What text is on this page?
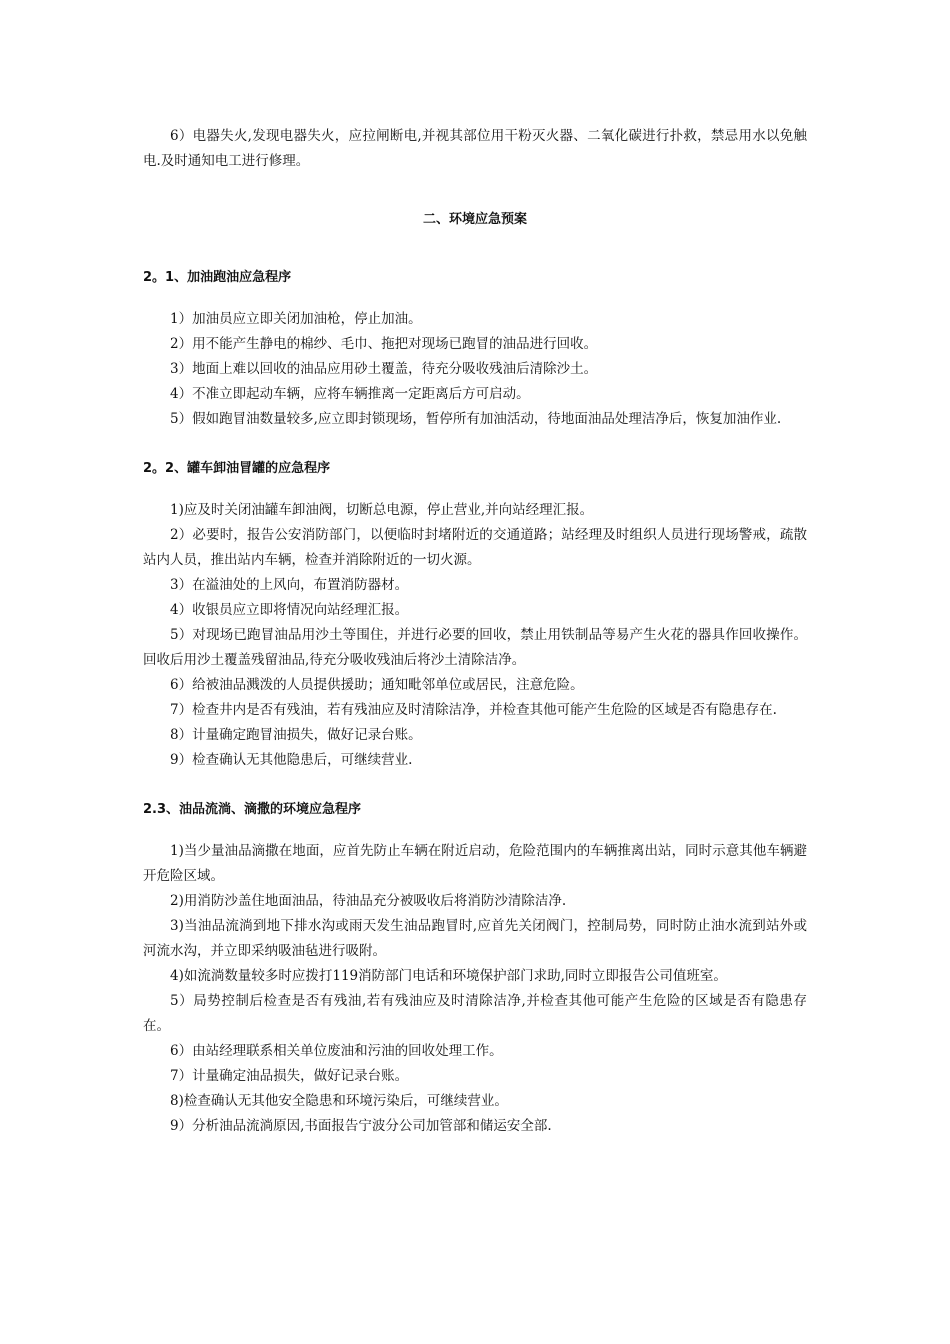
6）电器失火,发现电器失火，应拉闸断电,并视其部位用干粉灭火器、二氧化碳进行扑救，禁忌用水以免触电.及时通知电工进行修理。

二、环境应急预案
2。1、加油跑油应急程序

1）加油员应立即关闭加油枪，停止加油。

2）用不能产生静电的棉纱、毛巾、拖把对现场已跑冒的油品进行回收。

3）地面上难以回收的油品应用砂土覆盖，待充分吸收残油后清除沙土。

4）不准立即起动车辆，应将车辆推离一定距离后方可启动。

5）假如跑冒油数量较多,应立即封锁现场，暂停所有加油活动，待地面油品处理洁净后，恢复加油作业.

2。2、罐车卸油冒罐的应急程序

1)应及时关闭油罐车卸油阀，切断总电源，停止营业,并向站经理汇报。

2）必要时，报告公安消防部门，以便临时封堵附近的交通道路；站经理及时组织人员进行现场警戒，疏散站内人员，推出站内车辆，检查并消除附近的一切火源。

3）在溢油处的上风向，布置消防器材。

4）收银员应立即将情况向站经理汇报。

5）对现场已跑冒油品用沙土等围住，并进行必要的回收，禁止用铁制品等易产生火花的器具作回收操作。回收后用沙土覆盖残留油品,待充分吸收残油后将沙土清除洁净。

6）给被油品溅泼的人员提供援助；通知毗邻单位或居民，注意危险。

7）检查井内是否有残油，若有残油应及时清除洁净，并检查其他可能产生危险的区域是否有隐患存在.

8）计量确定跑冒油损失，做好记录台账。

9）检查确认无其他隐患后，可继续营业.

2.3、油品流淌、滴撒的环境应急程序

1)当少量油品滴撒在地面，应首先防止车辆在附近启动，危险范围内的车辆推离出站，同时示意其他车辆避开危险区域。

2)用消防沙盖住地面油品，待油品充分被吸收后将消防沙清除洁净.

3)当油品流淌到地下排水沟或雨天发生油品跑冒时,应首先关闭阀门，控制局势，同时防止油水流到站外或河流水沟，并立即采纳吸油毡进行吸附。

4)如流淌数量较多时应拨打119消防部门电话和环境保护部门求助,同时立即报告公司值班室。

5）局势控制后检查是否有残油,若有残油应及时清除洁净,并检查其他可能产生危险的区域是否有隐患存在。

6）由站经理联系相关单位废油和污油的回收处理工作。

7）计量确定油品损失，做好记录台账。

8)检查确认无其他安全隐患和环境污染后，可继续营业。

9）分析油品流淌原因,书面报告宁波分公司加管部和储运安全部.
